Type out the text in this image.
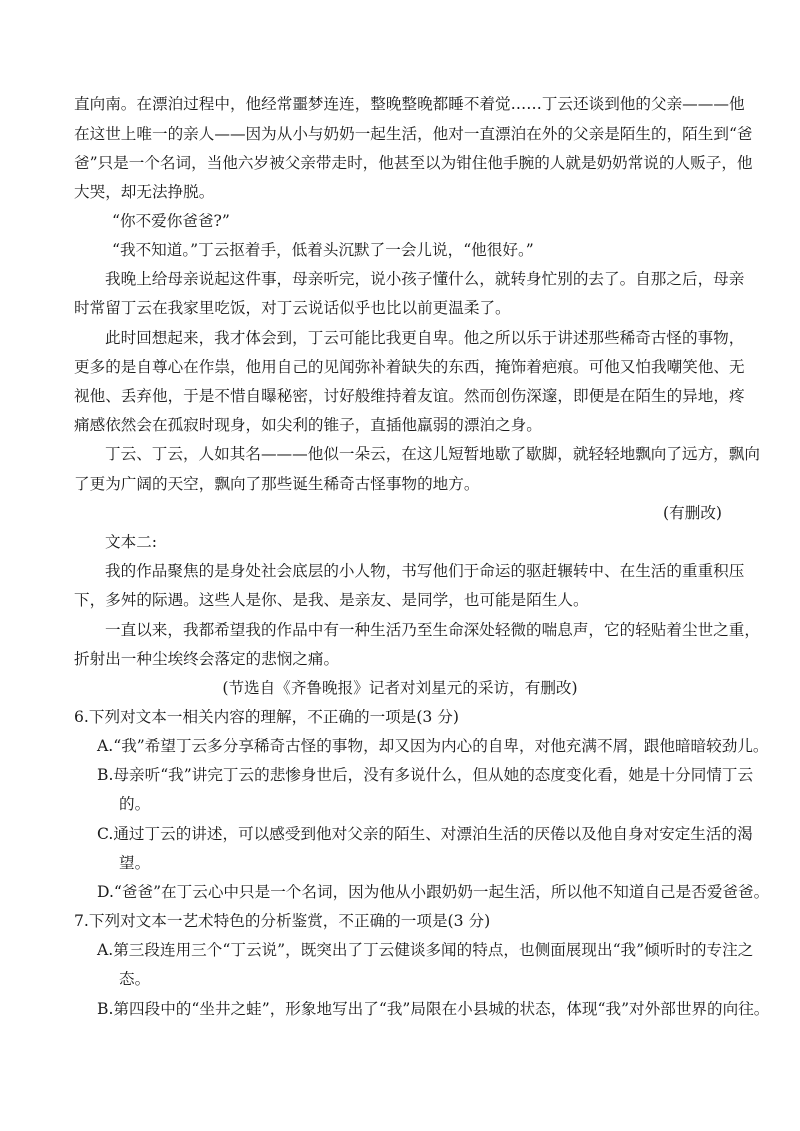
直向南。在漂泊过程中，他经常噩梦连连，整晚整晚都睡不着觉……丁云还谈到他的父亲———他
在这世上唯一的亲人——因为从小与奶奶一起生活，他对一直漂泊在外的父亲是陌生的，陌生到“爸
爸”只是一个名词，当他六岁被父亲带走时，他甚至以为钳住他手腕的人就是奶奶常说的人贩子，他
大哭，却无法挣脱。
“你不爱你爸爸?”
“我不知道。”丁云抠着手，低着头沉默了一会儿说，“他很好。”
我晚上给母亲说起这件事，母亲听完，说小孩子懂什么，就转身忙别的去了。自那之后，母亲
时常留丁云在我家里吃饭，对丁云说话似乎也比以前更温柔了。
此时回想起来，我才体会到，丁云可能比我更自卑。他之所以乐于讲述那些稀奇古怪的事物，
更多的是自尊心在作祟，他用自己的见闻弥补着缺失的东西，掩饰着疤痕。可他又怕我嘲笑他、无
视他、丢弃他，于是不惜自曝秘密，讨好般维持着友谊。然而创伤深邃，即便是在陌生的异地，疼
痛感依然会在孤寂时现身，如尖利的锥子，直插他羸弱的漂泊之身。
丁云、丁云，人如其名———他似一朵云，在这儿短暂地歇了歇脚，就轻轻地飘向了远方，飘向
了更为广阔的天空，飘向了那些诞生稀奇古怪事物的地方。
(有删改)
文本二:
我的作品聚焦的是身处社会底层的小人物，书写他们于命运的驱赶辗转中、在生活的重重积压
下，多舛的际遇。这些人是你、是我、是亲友、是同学，也可能是陌生人。
一直以来，我都希望我的作品中有一种生活乃至生命深处轻微的喘息声，它的轻贴着尘世之重，
折射出一种尘埃终会落定的悲悯之痛。
(节选自《齐鲁晚报》记者对刘星元的采访，有删改)
6.下列对文本一相关内容的理解，不正确的一项是(3 分)
A.“我”希望丁云多分享稀奇古怪的事物，却又因为内心的自卑，对他充满不屑，跟他暗暗较劲儿。
B.母亲听“我”讲完丁云的悲惨身世后，没有多说什么，但从她的态度变化看，她是十分同情丁云
的。
C.通过丁云的讲述，可以感受到他对父亲的陌生、对漂泊生活的厌倦以及他自身对安定生活的渴
望。
D.“爸爸”在丁云心中只是一个名词，因为他从小跟奶奶一起生活，所以他不知道自己是否爱爸爸。
7.下列对文本一艺术特色的分析鉴赏，不正确的一项是(3 分)
A.第三段连用三个“丁云说”，既突出了丁云健谈多闻的特点，也侧面展现出“我”倾听时的专注之
态。
B.第四段中的“坐井之蛙”，形象地写出了“我”局限在小县城的状态，体现“我”对外部世界的向往。
